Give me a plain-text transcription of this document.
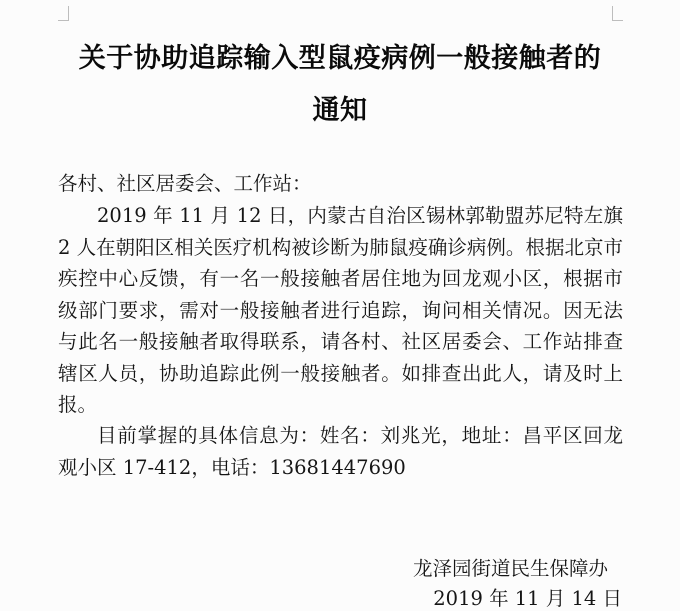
关于协助追踪输入型鼠疫病例一般接触者的
通知
各村、社区居委会、工作站：
2019 年 11 月 12 日，内蒙古自治区锡林郭勒盟苏尼特左旗 2 人在朝阳区相关医疗机构被诊断为肺鼠疫确诊病例。根据北京市疾控中心反馈，有一名一般接触者居住地为回龙观小区，根据市级部门要求，需对一般接触者进行追踪，询问相关情况。因无法与此名一般接触者取得联系，请各村、社区居委会、工作站排查辖区人员，协助追踪此例一般接触者。如排查出此人，请及时上报。
目前掌握的具体信息为：姓名：刘兆光，地址：昌平区回龙观小区 17-412，电话：13681447690
龙泽园街道民生保障办
2019 年 11 月 14 日
